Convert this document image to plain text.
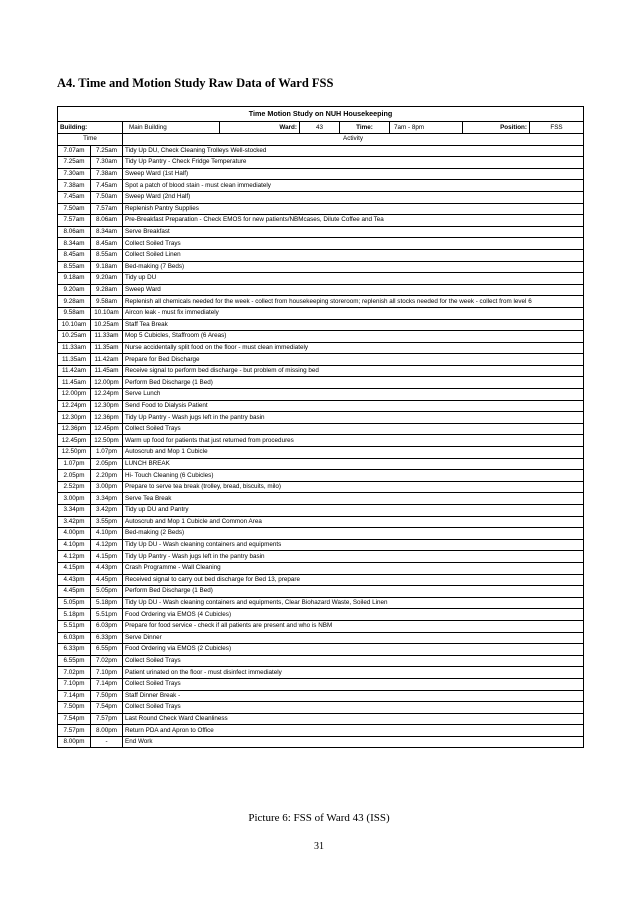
A4. Time and Motion Study Raw Data of Ward FSS
Time Motion Study on NUH Housekeeping								
Building:		Main Building	Ward:	43	Time:	7am - 8pm	Position:	FSS
Time		Activity						
7.07am	7.25am	Tidy Up DU, Check Cleaning Trolleys Well-stocked						
7.25am	7.30am	Tidy Up Pantry - Check Fridge Temperature						
7.30am	7.38am	Sweep Ward (1st Half)						
7.38am	7.45am	Spot a patch of blood stain - must clean immediately						
7.45am	7.50am	Sweep Ward (2nd Half)						
7.50am	7.57am	Replenish Pantry Supplies						
7.57am	8.06am	Pre-Breakfast Preparation - Check EMOS for new patients/NBMcases, Dilute Coffee and Tea						
8.06am	8.34am	Serve Breakfast						
8.34am	8.45am	Collect Soiled Trays						
8.45am	8.55am	Collect Soiled Linen						
8.55am	9.18am	Bed-making (7 Beds)						
9.18am	9.20am	Tidy up DU						
9.20am	9.28am	Sweep Ward						
9.28am	9.58am	Replenish all chemicals needed for the week - collect from housekeeping storeroom; replenish all stocks needed for the week - collect from level 6						
9.58am	10.10am	Aircon leak - must fix immediately						
10.10am	10.25am	Staff Tea Break						
10.25am	11.33am	Mop 5 Cubicles, Staffroom (6 Areas)						
11.33am	11.35am	Nurse accidentally split food on the floor - must clean immediately						
11.35am	11.42am	Prepare for Bed Discharge						
11.42am	11.45am	Receive signal to perform bed discharge - but problem of missing bed						
11.45am	12.00pm	Perform Bed Discharge (1 Bed)						
12.00pm	12.24pm	Serve Lunch						
12.24pm	12.30pm	Send Food to Dialysis Patient						
12.30pm	12.36pm	Tidy Up Pantry - Wash jugs left in the pantry basin						
12.36pm	12.45pm	Collect Soiled Trays						
12.45pm	12.50pm	Warm up food for patients that just returned from procedures						
12.50pm	1.07pm	Autoscrub and Mop 1 Cubicle						
1.07pm	2.05pm	LUNCH BREAK						
2.05pm	2.20pm	Hi- Touch Cleaning (6 Cubicles)						
2.52pm	3.00pm	Prepare to serve tea break (trolley, bread, biscuits, milo)						
3.00pm	3.34pm	Serve Tea Break						
3.34pm	3.42pm	Tidy up DU and Pantry						
3.42pm	3.55pm	Autoscrub and Mop 1 Cubicle and Common Area						
4.00pm	4.10pm	Bed-making (2 Beds)						
4.10pm	4.12pm	Tidy Up DU - Wash cleaning containers and equipments						
4.12pm	4.15pm	Tidy Up Pantry - Wash jugs left in the pantry basin						
4.15pm	4.43pm	Crash Programme - Wall Cleaning						
4.43pm	4.45pm	Received signal to carry out bed discharge for Bed 13, prepare						
4.45pm	5.05pm	Perform Bed Discharge (1 Bed)						
5.05pm	5.18pm	Tidy Up DU - Wash cleaning containers and equipments, Clear Biohazard Waste, Soiled Linen						
5.18pm	5.51pm	Food Ordering via EMOS (4 Cubicles)						
5.51pm	6.03pm	Prepare for food service - check if all patients are present and who is NBM						
6.03pm	6.33pm	Serve Dinner						
6.33pm	6.55pm	Food Ordering via EMOS (2 Cubicles)						
6.55pm	7.02pm	Collect Soiled Trays						
7.02pm	7.10pm	Patient urinated on the floor - must disinfect immediately						
7.10pm	7.14pm	Collect Soiled Trays						
7.14pm	7.50pm	Staff Dinner Break -						
7.50pm	7.54pm	Collect Soiled Trays						
7.54pm	7.57pm	Last Round Check Ward Cleanliness						
7.57pm	8.00pm	Return PDA and Apron to Office						
8.00pm	-	End Work						
Picture 6: FSS of Ward 43 (ISS)
31
